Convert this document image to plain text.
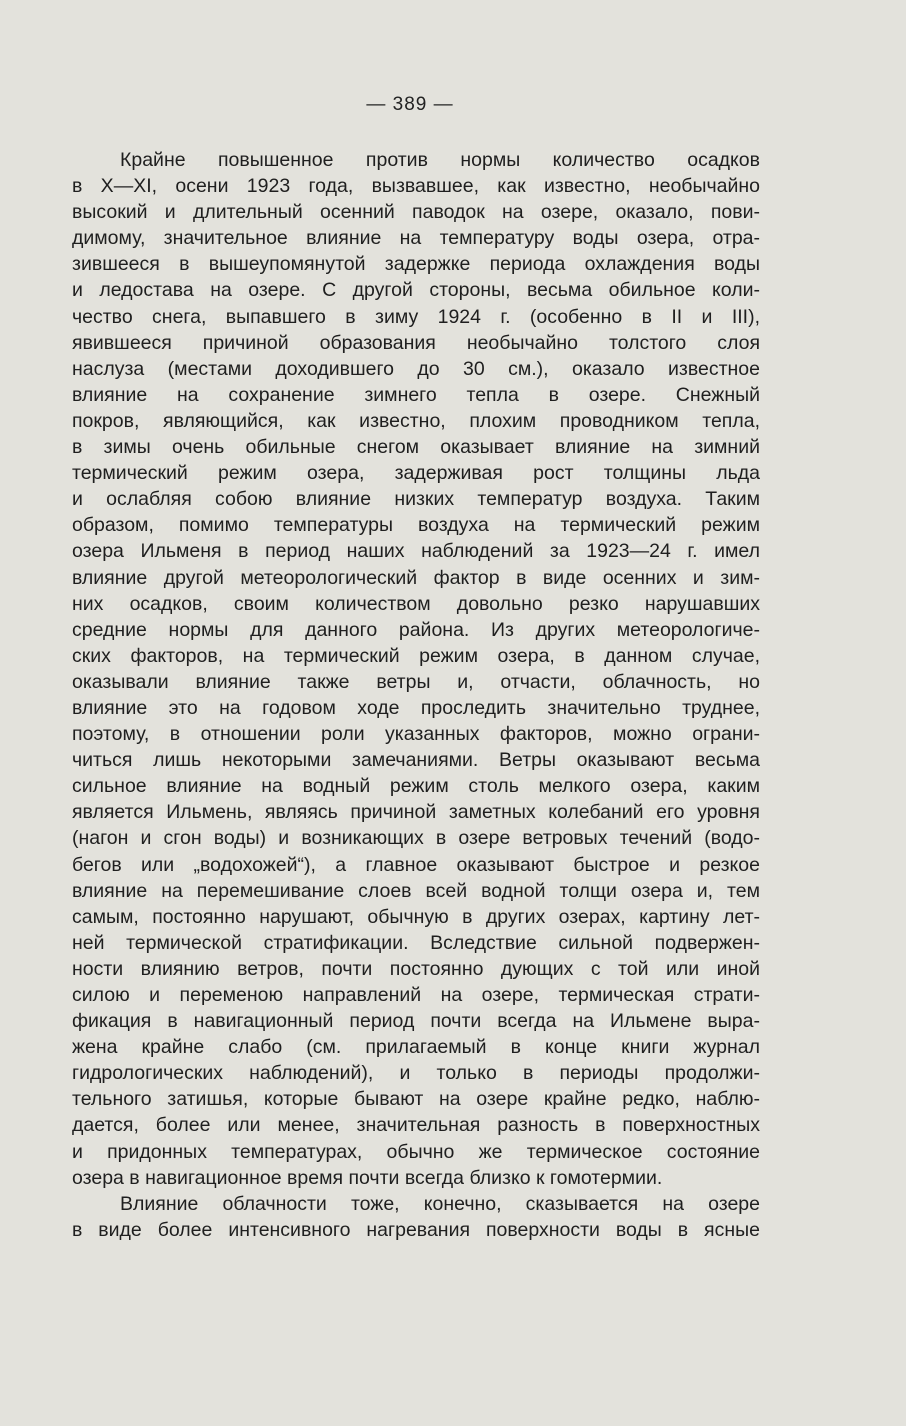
— 389 —
Крайне повышенное против нормы количество осадков
в X—XI, осени 1923 года, вызвавшее, как известно, необычайно
высокий и длительный осенний паводок на озере, оказало, пови-
димому, значительное влияние на температуру воды озера, отра-
зившееся в вышеупомянутой задержке периода охлаждения воды
и ледостава на озере. С другой стороны, весьма обильное коли-
чество снега, выпавшего в зиму 1924 г. (особенно в II и III),
явившееся причиной образования необычайно толстого слоя
наслуза (местами доходившего до 30 см.), оказало известное
влияние на сохранение зимнего тепла в озере. Снежный
покров, являющийся, как известно, плохим проводником тепла,
в зимы очень обильные снегом оказывает влияние на зимний
термический режим озера, задерживая рост толщины льда
и ослабляя собою влияние низких температур воздуха. Таким
образом, помимо температуры воздуха на термический режим
озера Ильменя в период наших наблюдений за 1923—24 г. имел
влияние другой метеорологический фактор в виде осенних и зим-
них осадков, своим количеством довольно резко нарушавших
средние нормы для данного района. Из других метеорологиче-
ских факторов, на термический режим озера, в данном случае,
оказывали влияние также ветры и, отчасти, облачность, но
влияние это на годовом ходе проследить значительно труднее,
поэтому, в отношении роли указанных факторов, можно ограни-
читься лишь некоторыми замечаниями. Ветры оказывают весьма
сильное влияние на водный режим столь мелкого озера, каким
является Ильмень, являясь причиной заметных колебаний его уровня
(нагон и сгон воды) и возникающих в озере ветровых течений (водо-
бегов или „водохожей“), а главное оказывают быстрое и резкое
влияние на перемешивание слоев всей водной толщи озера и, тем
самым, постоянно нарушают, обычную в других озерах, картину лет-
ней термической стратификации. Вследствие сильной подвержен-
ности влиянию ветров, почти постоянно дующих с той или иной
силою и переменою направлений на озере, термическая страти-
фикация в навигационный период почти всегда на Ильмене выра-
жена крайне слабо (см. прилагаемый в конце книги журнал
гидрологических наблюдений), и только в периоды продолжи-
тельного затишья, которые бывают на озере крайне редко, наблю-
дается, более или менее, значительная разность в поверхностных
и придонных температурах, обычно же термическое состояние
озера в навигационное время почти всегда близко к гомотермии.
Влияние облачности тоже, конечно, сказывается на озере
в виде более интенсивного нагревания поверхности воды в ясные
